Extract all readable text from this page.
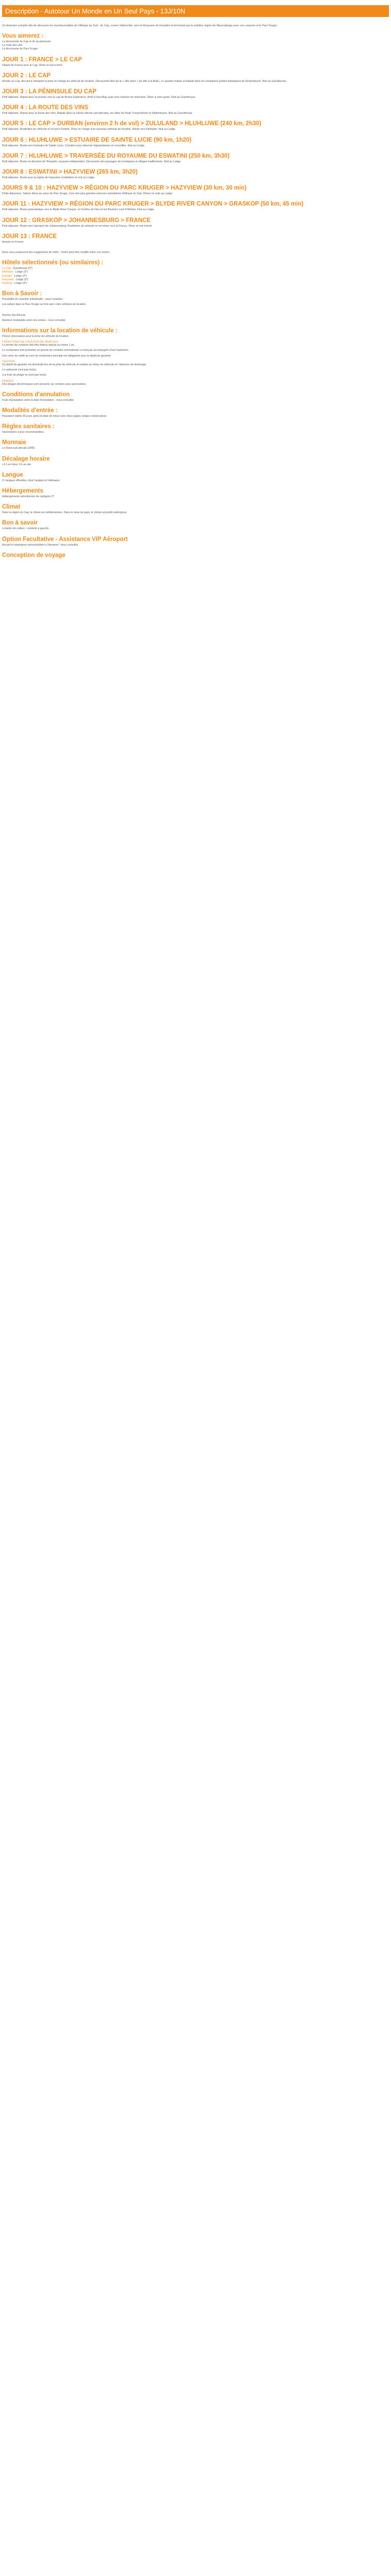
Description - Autotour Un Monde en Un Seul Pays - 13J/10N
Un itinéraire complet afin de découvrir les incontournables de l'Afrique du Sud : du Cap, cosmo hétéroclite, vers le Royaume du Eswatini et terminant par la sublime région de Mpumalanga avec ses canyons et le Parc Kruger.
Vous aimerez :
La découverte du Cap et de sa péninsule
La route des vins
La découverte du Parc Kruger
JOUR 1 : FRANCE > LE CAP
Départ de France pour le Cap. Dîner et nuit à bord.
JOUR 2 : LE CAP
Arrivée au Cap. Accueil à l'aéroport et prise en charge du véhicule de location. Découverte libre de la « ville mère » (la ville à la Baie). Le quartier malais et balade dans les somptueux jardins botaniques de Kirstenbosch. Nuit au Guesthouse.
JOUR 3 : LA PÉNINSULE DU CAP
Petit déjeuner. Départ pour la journée vers le cap de Bonne Espérance. Arrêt à Hout Bay, puis vers colonies de manchots. Dîner à votre guise. Nuit au Guesthouse.
JOUR 4 : LA ROUTE DES VINS
Petit déjeuner. Départ pour la Route des Vins. Balade dans la culture viticole sud-africaine, les villes de Paarl, Franschhoek et Stellenbosch. Nuit au Guesthouse.
JOUR 5 : LE CAP > DURBAN (environ 2 h de vol) > ZULULAND > HLUHLUWE (240 km, 2h30)
Petit déjeuner. Restitution du véhicule et vol pour Durban. Prise en charge d'un nouveau véhicule de location. Route vers Hluhluwe. Nuit au Lodge.
JOUR 6 : HLUHLUWE > ESTUAIRE DE SAINTE LUCIE (90 km, 1h20)
Petit déjeuner. Route vers l'estuaire de Sainte Lucie. Croisière pour observer hippopotames et crocodiles. Nuit au Lodge.
JOUR 7 : HLUHLUWE > TRAVERSÉE DU ROYAUME DU ESWATINI (250 km, 3h30)
Petit déjeuner. Route en direction de l'Eswatini, royaume indépendant. Découverte des paysages de montagnes et villages traditionnels. Nuit au Lodge.
JOUR 8 : ESWATINI > HAZYVIEW (265 km, 3h20)
Petit déjeuner. Route pour la région de Hazyview. Installation et nuit au Lodge.
JOURS 9 & 10 : HAZYVIEW > RÉGION DU PARC KRUGER > HAZYVIEW (30 km, 30 min)
Petits déjeuners. Safaris libres au cœur du Parc Kruger, l'une des plus grandes réserves animalières d'Afrique du Sud. Dîners et nuits au Lodge.
JOUR 11 : HAZYVIEW > RÉGION DU PARC KRUGER > BLYDE RIVER CANYON > GRASKOP (50 km, 45 min)
Petit déjeuner. Route panoramique vers le Blyde River Canyon, la Fenêtre de Dieu et les Bourke's Luck Potholes. Nuit au Lodge.
JOUR 12 : GRASKOP > JOHANNESBURG > FRANCE
Petit déjeuner. Route vers l'aéroport de Johannesburg. Restitution du véhicule et vol retour vers la France. Dîner et nuit à bord.
JOUR 13 : FRANCE
Arrivée en France.
Nous vous proposons des suggestions de visite ; l'ordre peut être modifié selon vos envies.
Hôtels sélectionnés (ou similaires) :
Le Cap : Guesthouse (3*)
Hluhluwe : Lodge (3*)
Eswatini : Lodge (3*)
Hazyview : Lodge (3*)
Graskop : Lodge (3*)
Bon à Savoir :
Possibilité de chambre individuelle : nous consulter.
Les safaris dans le Parc Kruger se font avec votre véhicule de location.
Service Sur Mesure
Autotour modulable selon vos envies : nous consulter.
Informations sur la location de véhicule :
Pièces nécessaires pour la prise du véhicule de location.
CONDITIONS DE LOCATION DE VÉHICULE
Le permis de conduire doit être détenu depuis au moins 1 an.
Le conducteur doit présenter un permis de conduire international ou français accompagné d'une traduction.
Une carte de crédit au nom du conducteur principal est obligatoire pour le dépôt de garantie.
CAUTION
Un dépôt de garantie est demandé lors de la prise du véhicule et restitué au retour du véhicule en l'absence de dommage.
Le carburant n'est pas inclus.
Les frais de péage ne sont pas inclus.
PÉAGES
Des péages électroniques sont présents sur certains axes autoroutiers.
Conditions d'annulation
Frais d'annulation selon la date d'annulation : nous consulter.
Modalités d'entrée :
Passeport valide 30 jours après la date de retour avec deux pages vierges consécutives.
Règles sanitaires :
Vaccinations à jour recommandées.
Monnaie
Le Rand sud-africain (ZAR).
Décalage horaire
+1 h en hiver, 0 h en été.
Langue
11 langues officielles, dont l'anglais et l'afrikaans.
Hébergements
Hébergements sélectionnés de catégorie 3*.
Climat
Dans la région du Cap, le climat est méditerranéen. Dans le reste du pays, le climat est plutôt subtropical.
Bon à savoir
Location de voiture : conduite à gauche.
Option Facultative - Assistance VIP Aéroport
Accueil et assistance personnalisés à l'aéroport : nous consulter.
Conception de voyage
